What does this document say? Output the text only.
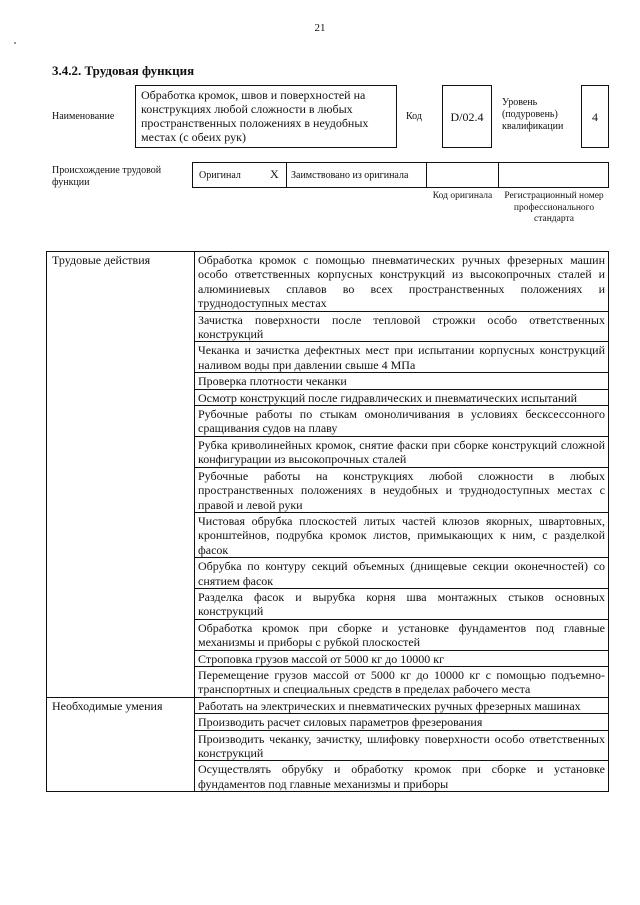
21
3.4.2. Трудовая функция
Наименование
Обработка кромок, швов и поверхностей на конструкциях любой сложности в любых пространственных положениях в неудобных местах (с обеих рук)
Код	D/02.4
Уровень (подуровень) квалификации
4
Происхождение трудовой функции
Оригинал X Заимствовано из оригинала
Код оригинала	Регистрационный номер профессионального стандарта
Трудовые действия	Обработка кромок с помощью пневматических ручных фрезерных машин особо ответственных корпусных конструкций из высокопрочных сталей и алюминиевых сплавов во всех пространственных положениях и труднодоступных местах
	Зачистка поверхности после тепловой строжки особо ответственных конструкций
	Чеканка и зачистка дефектных мест при испытании корпусных конструкций наливом воды при давлении свыше 4 МПа
	Проверка плотности чеканки
	Осмотр конструкций после гидравлических и пневматических испытаний
	Рубочные работы по стыкам омоноличивания в условиях бесксессонного сращивания судов на плаву
	Рубка криволинейных кромок, снятие фаски при сборке конструкций сложной конфигурации из высокопрочных сталей
	Рубочные работы на конструкциях любой сложности в любых пространственных положениях в неудобных и труднодоступных местах с правой и левой руки
	Чистовая обрубка плоскостей литых частей клюзов якорных, швартовных, кронштейнов, подрубка кромок листов, примыкающих к ним, с разделкой фасок
	Обрубка по контуру секций объемных (днищевые секции оконечностей) со снятием фасок
	Разделка фасок и вырубка корня шва монтажных стыков основных конструкций
	Обработка кромок при сборке и установке фундаментов под главные механизмы и приборы с рубкой плоскостей
	Строповка грузов массой от 5000 кг до 10000 кг
	Перемещение грузов массой от 5000 кг до 10000 кг с помощью подъемно-транспортных и специальных средств в пределах рабочего места
Необходимые умения	Работать на электрических и пневматических ручных фрезерных машинах
	Производить расчет силовых параметров фрезерования
	Производить чеканку, зачистку, шлифовку поверхности особо ответственных конструкций
	Осуществлять обрубку и обработку кромок при сборке и установке фундаментов под главные механизмы и приборы
